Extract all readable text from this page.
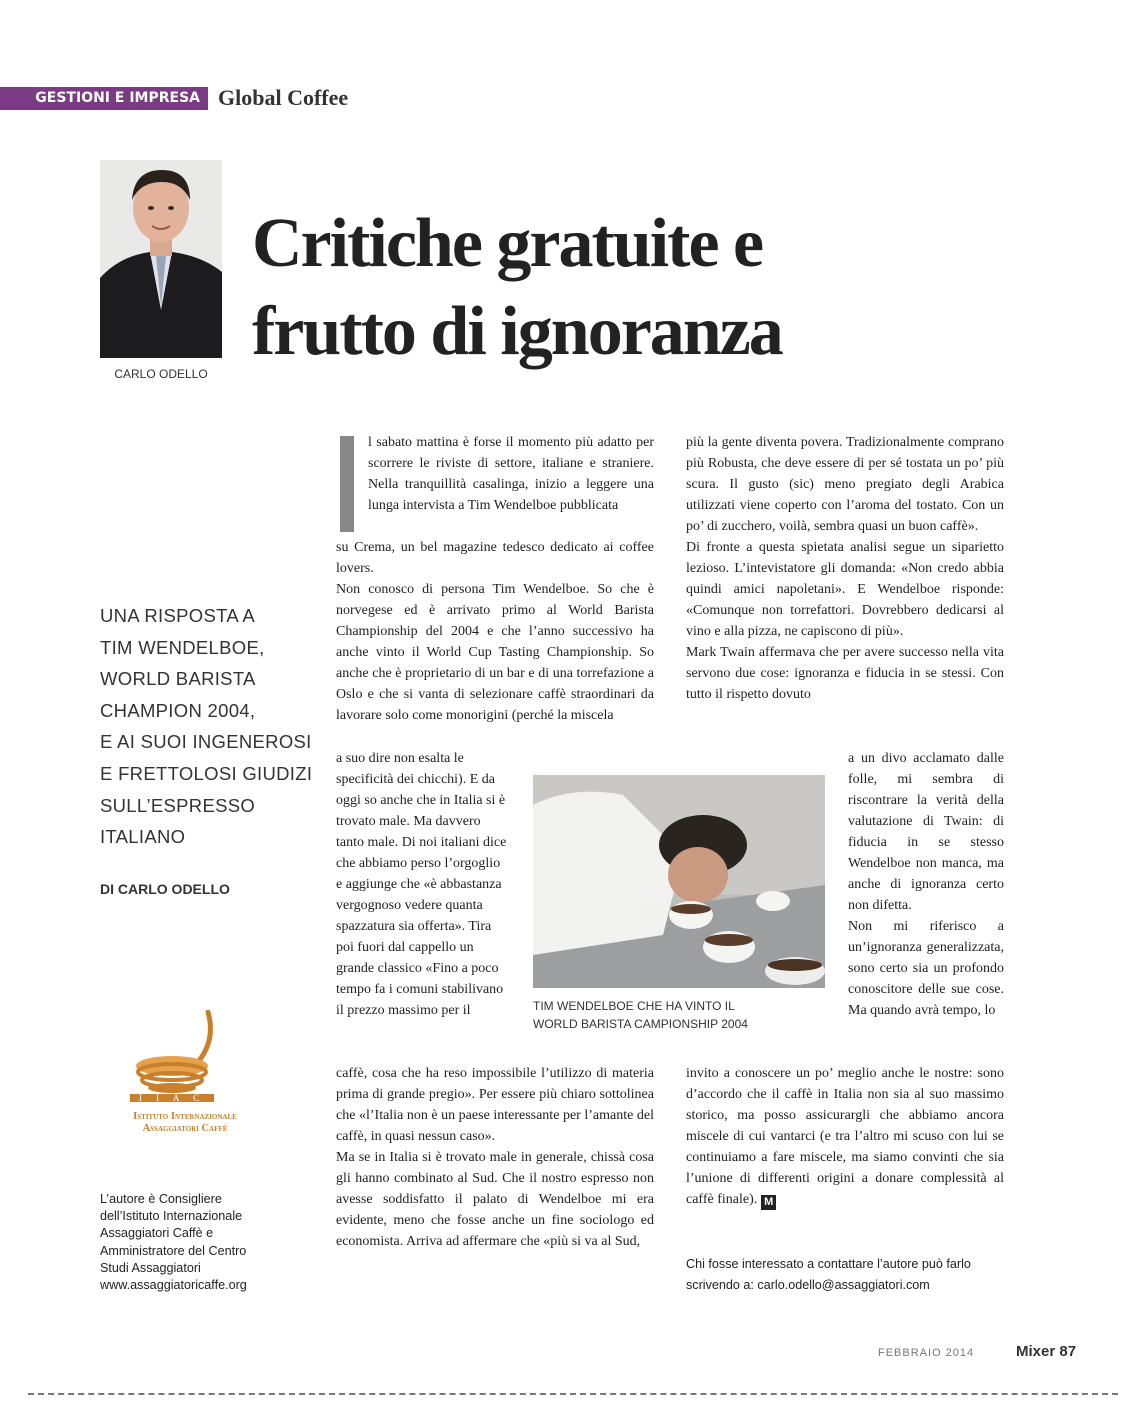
GESTIONI E IMPRESA Global Coffee
CARLO ODELLO
Critiche gratuite e
frutto di ignoranza
UNA RISPOSTA A
TIM WENDELBOE,
WORLD BARISTA
CHAMPION 2004,
E AI SUOI INGENEROSI
E FRETTOLOSI GIUDIZI
SULL’ESPRESSO
ITALIANO
DI CARLO ODELLO
I I A C
Istituto Internazionale
Assaggiatori Caffè
L’autore è Consigliere
dell’Istituto Internazionale
Assaggiatori Caffè e
Amministratore del Centro
Studi Assaggiatori
www.assaggiatoricaffe.org
l sabato mattina è forse il momento più adatto per scorrere le riviste di settore, italiane e straniere. Nella tranquillità casalinga, inizio a leggere una lunga intervista a Tim Wendelboe pubblicata

su Crema, un bel magazine tedesco dedicato ai coffee lovers.

Non conosco di persona Tim Wendelboe. So che è norvegese ed è arrivato primo al World Barista Championship del 2004 e che l’anno successivo ha anche vinto il World Cup Tasting Championship. So anche che è proprietario di un bar e di una torrefazione a Oslo e che si vanta di selezionare caffè straordinari da lavorare solo come monorigini (perché la miscela

a suo dire non esalta le specificità dei chicchi). E da oggi so anche che in Italia si è trovato male. Ma davvero tanto male. Di noi italiani dice che abbiamo perso l’orgoglio e aggiunge che «è abbastanza vergognoso vedere quanta spazzatura sia offerta». Tira poi fuori dal cappello un grande classico «Fino a poco tempo fa i comuni stabilivano il prezzo massimo per il

caffè, cosa che ha reso impossibile l’utilizzo di materia prima di grande pregio». Per essere più chiaro sottolinea che «l’Italia non è un paese interessante per l’amante del caffè, in quasi nessun caso».

Ma se in Italia si è trovato male in generale, chissà cosa gli hanno combinato al Sud. Che il nostro espresso non avesse soddisfatto il palato di Wendelboe mi era evidente, meno che fosse anche un fine sociologo ed economista. Arriva ad affermare che «più si va al Sud,

più la gente diventa povera. Tradizionalmente comprano più Robusta, che deve essere di per sé tostata un po’ più scura. Il gusto (sic) meno pregiato degli Arabica utilizzati viene coperto con l’aroma del tostato. Con un po’ di zucchero, voilà, sembra quasi un buon caffè».

Di fronte a questa spietata analisi segue un siparietto lezioso. L’intevistatore gli domanda: «Non credo abbia quindi amici napoletani». E Wendelboe risponde: «Comunque non torrefattori. Dovrebbero dedicarsi al vino e alla pizza, ne capiscono di più».

Mark Twain affermava che per avere successo nella vita servono due cose: ignoranza e fiducia in se stessi. Con tutto il rispetto dovuto

a un divo acclamato dalle folle, mi sembra di riscontrare la verità della valutazione di Twain: di fiducia in se stesso Wendelboe non manca, ma anche di ignoranza certo non difetta.

Non mi riferisco a un’ignoranza generalizzata, sono certo sia un profondo conoscitore delle sue cose. Ma quando avrà tempo, lo

invito a conoscere un po’ meglio anche le nostre: sono d’accordo che il caffè in Italia non sia al suo massimo storico, ma posso assicurargli che abbiamo ancora miscele di cui vantarci (e tra l’altro mi scuso con lui se continuiamo a fare miscele, ma siamo convinti che sia l’unione di differenti origini a donare complessità al caffè finale). M
TIM WENDELBOE CHE HA VINTO IL
WORLD BARISTA CAMPIONSHIP 2004
Chi fosse interessato a contattare l’autore può farlo
scrivendo a: carlo.odello@assaggiatori.com
FEBBRAIO 2014	Mixer 87
